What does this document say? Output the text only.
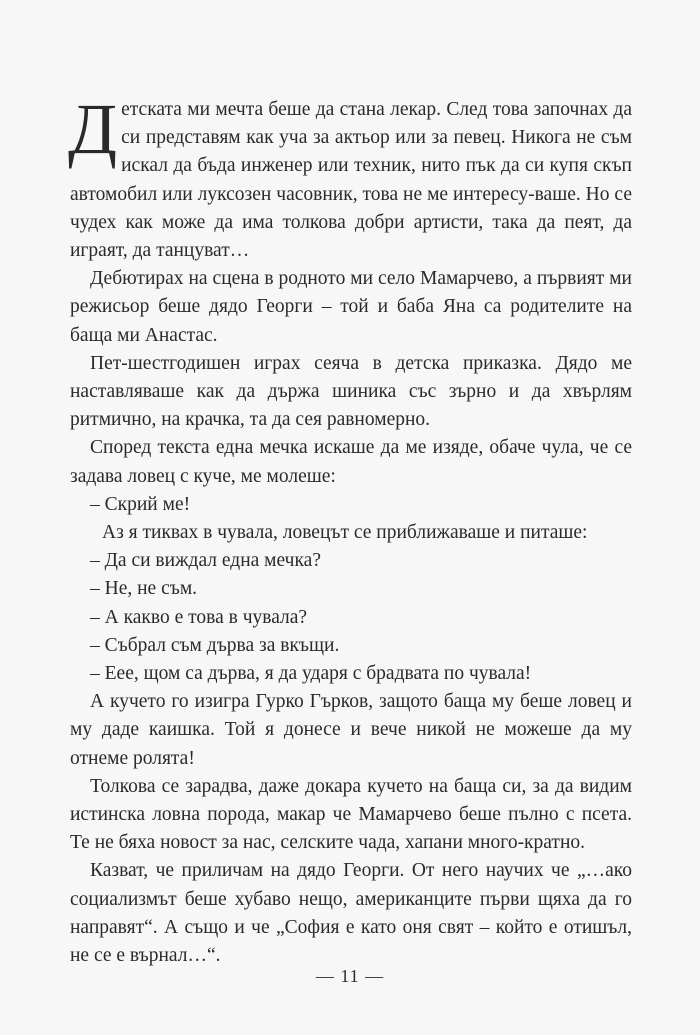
Детската ми мечта беше да стана лекар. След това започнах да си представям как уча за актьор или за певец. Никога не съм искал да бъда инженер или техник, нито пък да си купя скъп автомобил или луксозен часовник, това не ме интересу-ваше. Но се чудех как може да има толкова добри артисти, така да пеят, да играят, да танцуват…

Дебютирах на сцена в родното ми село Мамарчево, а първият ми режисьор беше дядо Георги – той и баба Яна са родителите на баща ми Анастас.

Пет-шестгодишен играх сеяча в детска приказка. Дядо ме наставляваше как да държа шиника със зърно и да хвърлям ритмично, на крачка, та да сея равномерно.

Според текста една мечка искаше да ме изяде, обаче чула, че се задава ловец с куче, ме молеше:

– Скрий ме!

Аз я тиквах в чувала, ловецът се приближаваше и питаше:

– Да си виждал една мечка?

– Не, не съм.

– А какво е това в чувала?

– Събрал съм дърва за вкъщи.

– Еее, щом са дърва, я да ударя с брадвата по чувала!

А кучето го изигра Гурко Гърков, защото баща му беше ловец и му даде каишка. Той я донесе и вече никой не можеше да му отнеме ролята!

Толкова се зарадва, даже докара кучето на баща си, за да видим истинска ловна порода, макар че Мамарчево беше пълно с псета. Те не бяха новост за нас, селските чада, хапани много-кратно.

Казват, че приличам на дядо Георги. От него научих че „…ако социализмът беше хубаво нещо, американците първи щяха да го направят“. А също и че „София е като оня свят – който е отишъл, не се е върнал…“.

— 11 —
